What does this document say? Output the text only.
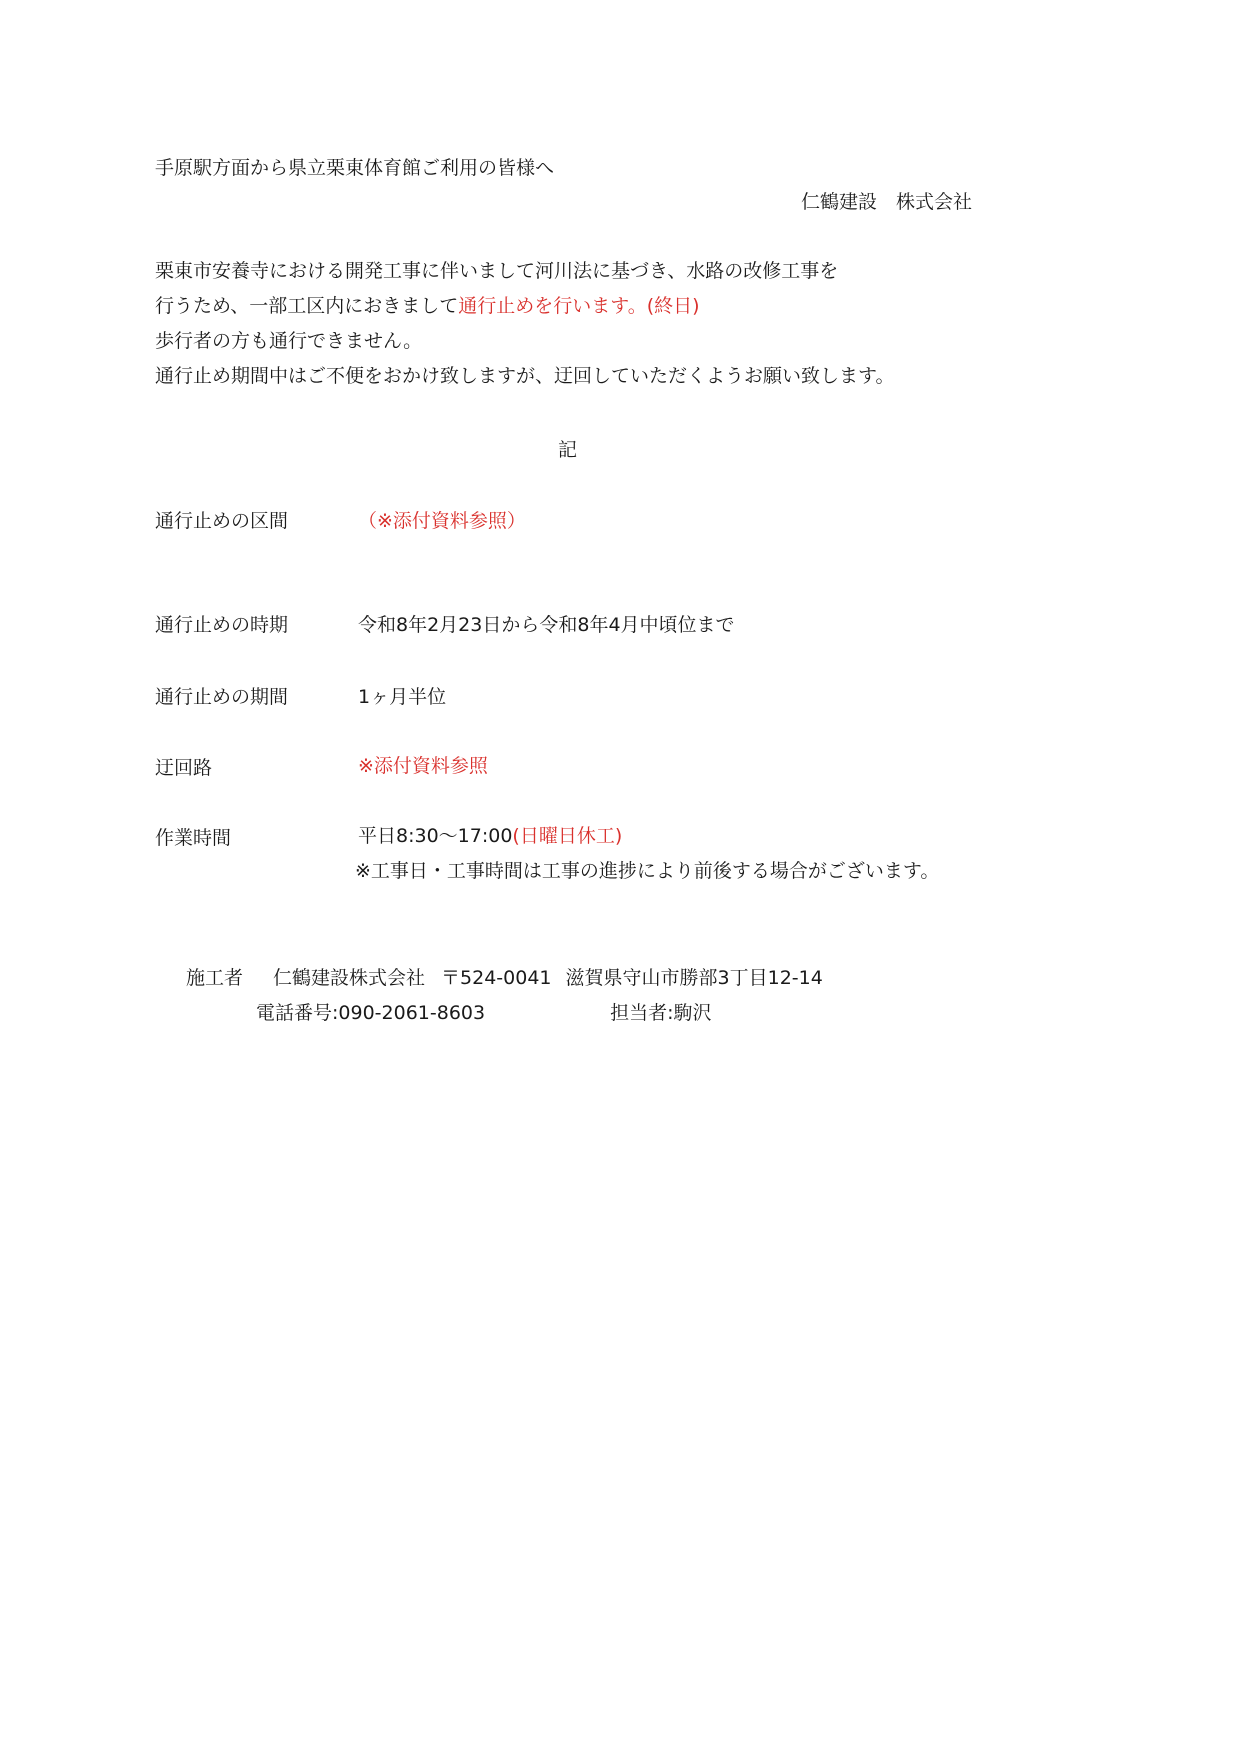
手原駅方面から県立栗東体育館ご利用の皆様へ
仁鶴建設　株式会社
栗東市安養寺における開発工事に伴いまして河川法に基づき、水路の改修工事を
行うため、一部工区内におきまして通行止めを行います。(終日)
歩行者の方も通行できません。
通行止め期間中はご不便をおかけ致しますが、迂回していただくようお願い致します。
記
通行止めの区間	（※添付資料参照）
通行止めの時期	令和8年2月23日から令和8年4月中頃位まで
通行止めの期間	1ヶ月半位
迂回路	※添付資料参照
作業時間	平日8:30～17:00(日曜日休工)
※工事日・工事時間は工事の進捗により前後する場合がございます。
施工者 仁鶴建設株式会社 〒524-0041 滋賀県守山市勝部3丁目12-14
電話番号:090-2061-8603	担当者:駒沢
